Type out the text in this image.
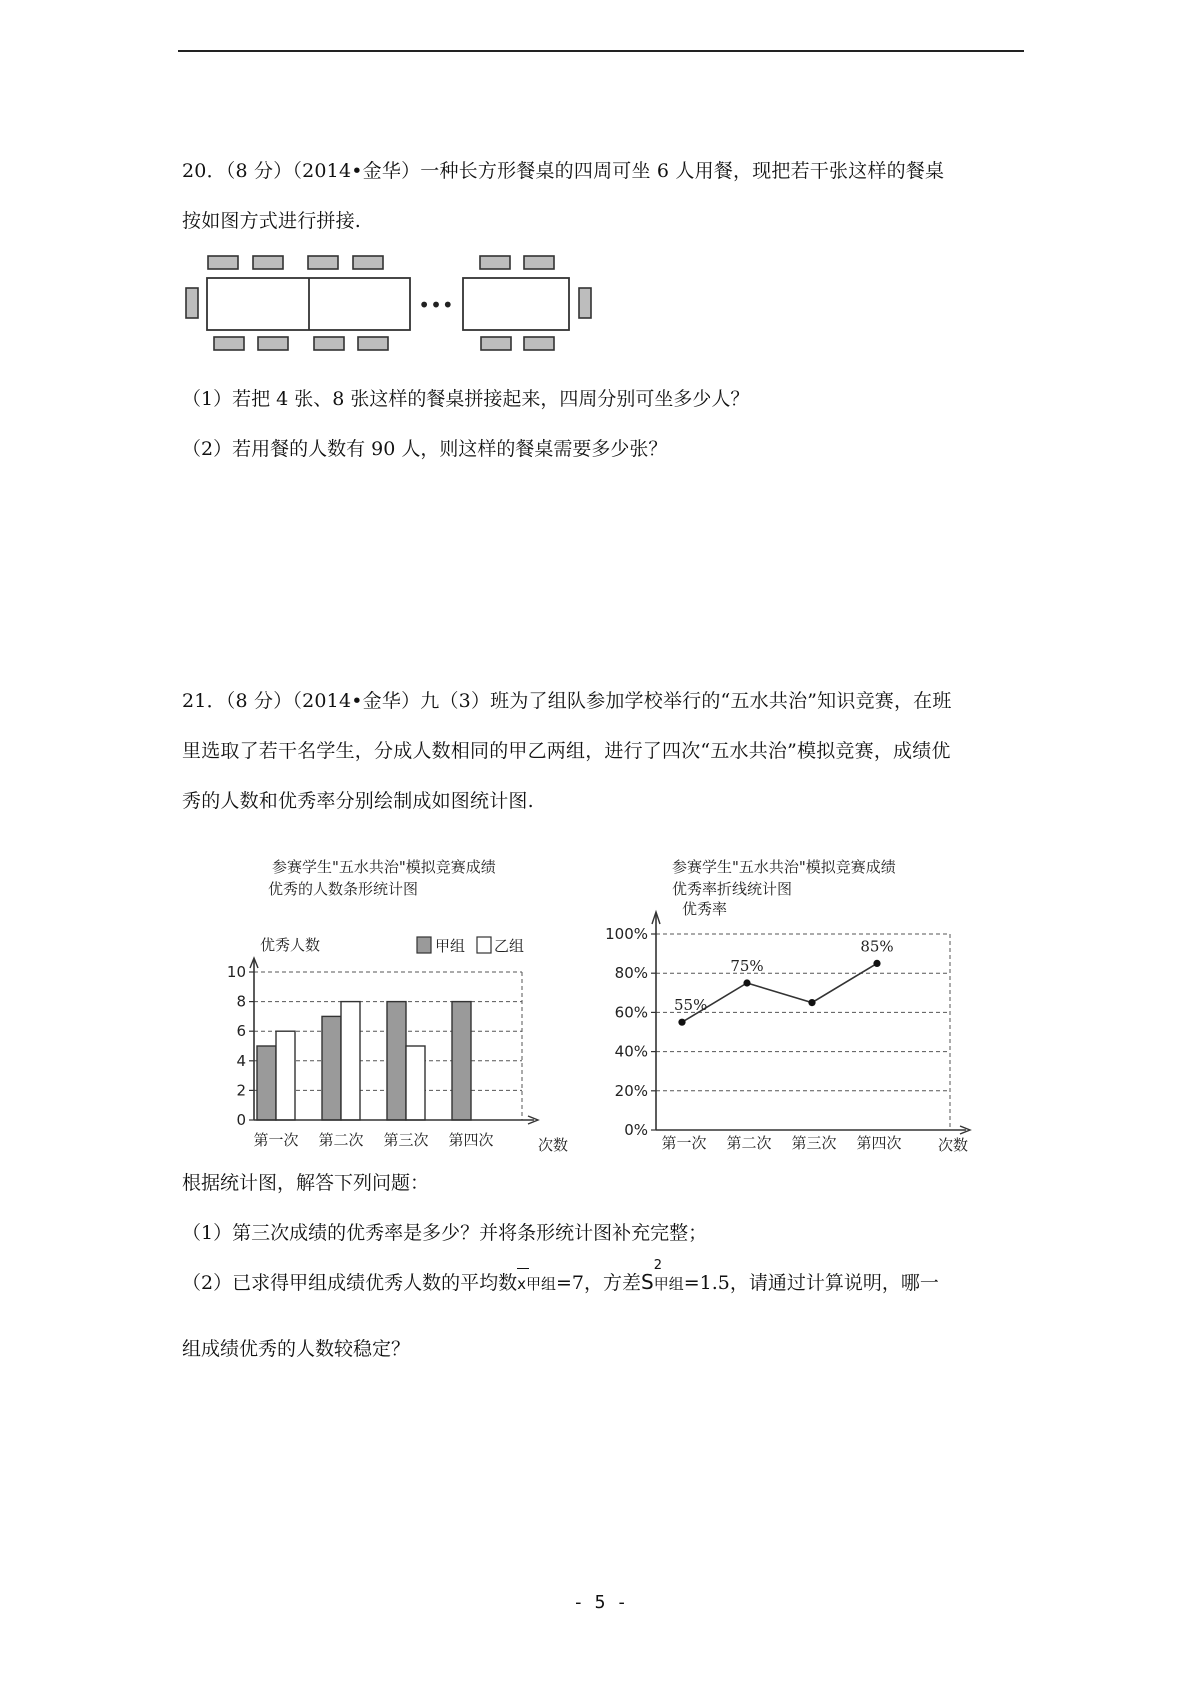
20．（8 分）（2014•金华）一种长方形餐桌的四周可坐 6 人用餐，现把若干张这样的餐桌
按如图方式进行拼接.
•••
（1）若把 4 张、8 张这样的餐桌拼接起来，四周分别可坐多少人？
（2）若用餐的人数有 90 人，则这样的餐桌需要多少张？
21．（8 分）（2014•金华）九（3）班为了组队参加学校举行的“五水共治”知识竞赛，在班
里选取了若干名学生，分成人数相同的甲乙两组，进行了四次“五水共治”模拟竞赛，成绩优
秀的人数和优秀率分别绘制成如图统计图.
参赛学生"五水共治"模拟竞赛成绩
优秀的人数条形统计图
优秀人数	甲组 乙组
0
2
4
6
8
10
第一次 第二次 第三次 第四次	次数
参赛学生"五水共治"模拟竞赛成绩
优秀率折线统计图
优秀率
0%
20%
40%
60%
80%
100%
第一次 第二次 第三次 第四次
55%
75%
85%
次数
根据统计图，解答下列问题：
（1）第三次成绩的优秀率是多少？并将条形统计图补充完整；
（2）已求得甲组成绩优秀人数的平均数
x甲组=7，方差S
2
甲组=1.5，请通过计算说明，哪一
组成绩优秀的人数较稳定？
- 5 -
